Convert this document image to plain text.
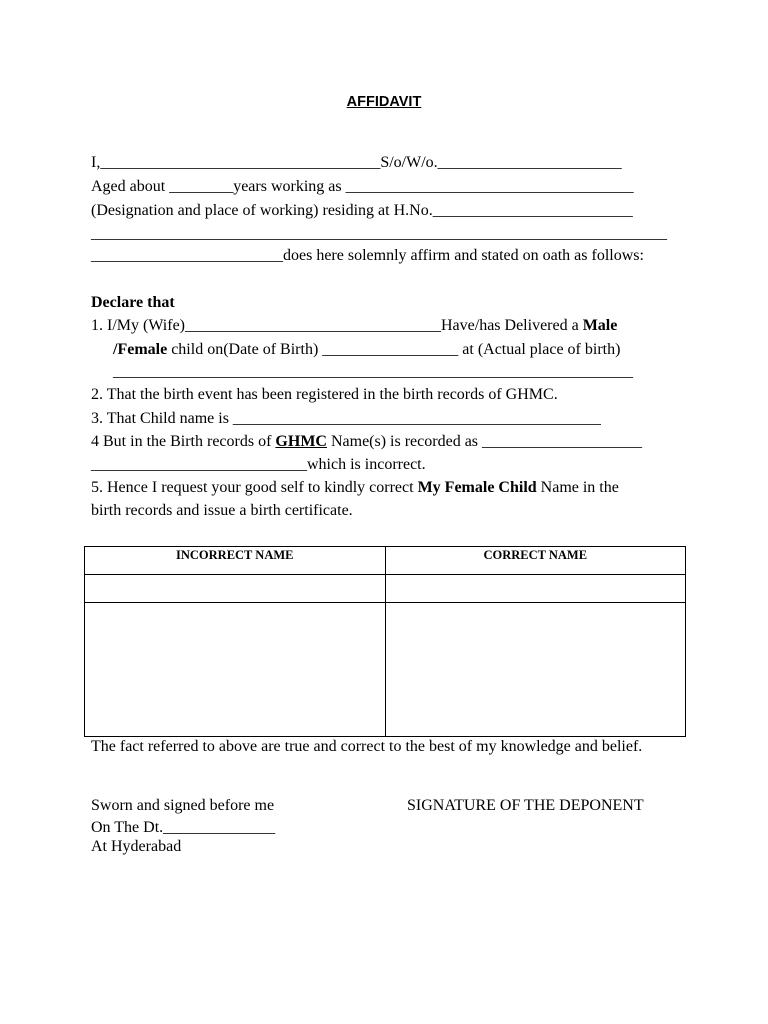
AFFIDAVIT
I,___________________________________S/o/W/o._______________________
Aged about ________years working as ____________________________________
(Designation and place of working) residing at H.No._________________________
________________________________________________________________________
________________________does here solemnly affirm and stated on oath as follows:
Declare that
1. I/My (Wife)________________________________Have/has Delivered a Male
/Female child on(Date of Birth) _________________ at (Actual place of birth)
_________________________________________________________________
2. That the birth event has been registered in the birth records of GHMC.
3. That Child name is ______________________________________________
4 But in the Birth records of GHMC Name(s) is recorded as ____________________
___________________________which is incorrect.
5. Hence I request your good self to kindly correct My Female Child Name in the
birth records and issue a birth certificate.
INCORRECT NAME	CORRECT NAME

The fact referred to above are true and correct to the best of my knowledge and belief.
Sworn and signed before me	SIGNATURE OF THE DEPONENT
On The Dt.______________
At Hyderabad
